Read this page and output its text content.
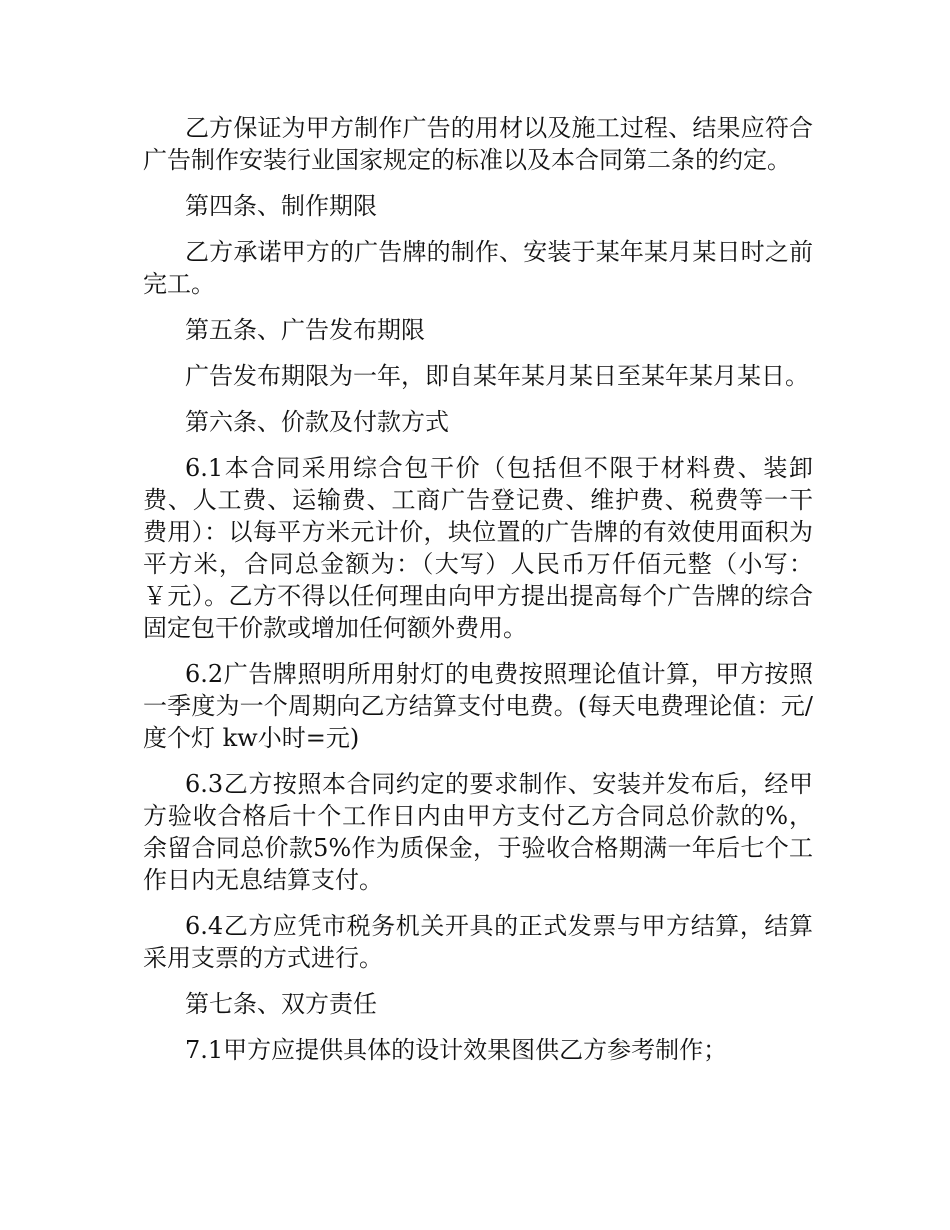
乙方保证为甲方制作广告的用材以及施工过程、结果应符合广告制作安装行业国家规定的标准以及本合同第二条的约定。

第四条、制作期限

乙方承诺甲方的广告牌的制作、安装于某年某月某日时之前完工。

第五条、广告发布期限

广告发布期限为一年，即自某年某月某日至某年某月某日。

第六条、价款及付款方式

6.1本合同采用综合包干价（包括但不限于材料费、装卸费、人工费、运输费、工商广告登记费、维护费、税费等一干费用）：以每平方米元计价，块位置的广告牌的有效使用面积为平方米，合同总金额为：（大写）人民币万仟佰元整（小写：￥元）。乙方不得以任何理由向甲方提出提高每个广告牌的综合固定包干价款或增加任何额外费用。

6.2广告牌照明所用射灯的电费按照理论值计算，甲方按照一季度为一个周期向乙方结算支付电费。(每天电费理论值：元/度个灯 kw小时=元)

6.3乙方按照本合同约定的要求制作、安装并发布后，经甲方验收合格后十个工作日内由甲方支付乙方合同总价款的%，余留合同总价款5%作为质保金，于验收合格期满一年后七个工作日内无息结算支付。

6.4乙方应凭市税务机关开具的正式发票与甲方结算，结算采用支票的方式进行。

第七条、双方责任

7.1甲方应提供具体的设计效果图供乙方参考制作；
